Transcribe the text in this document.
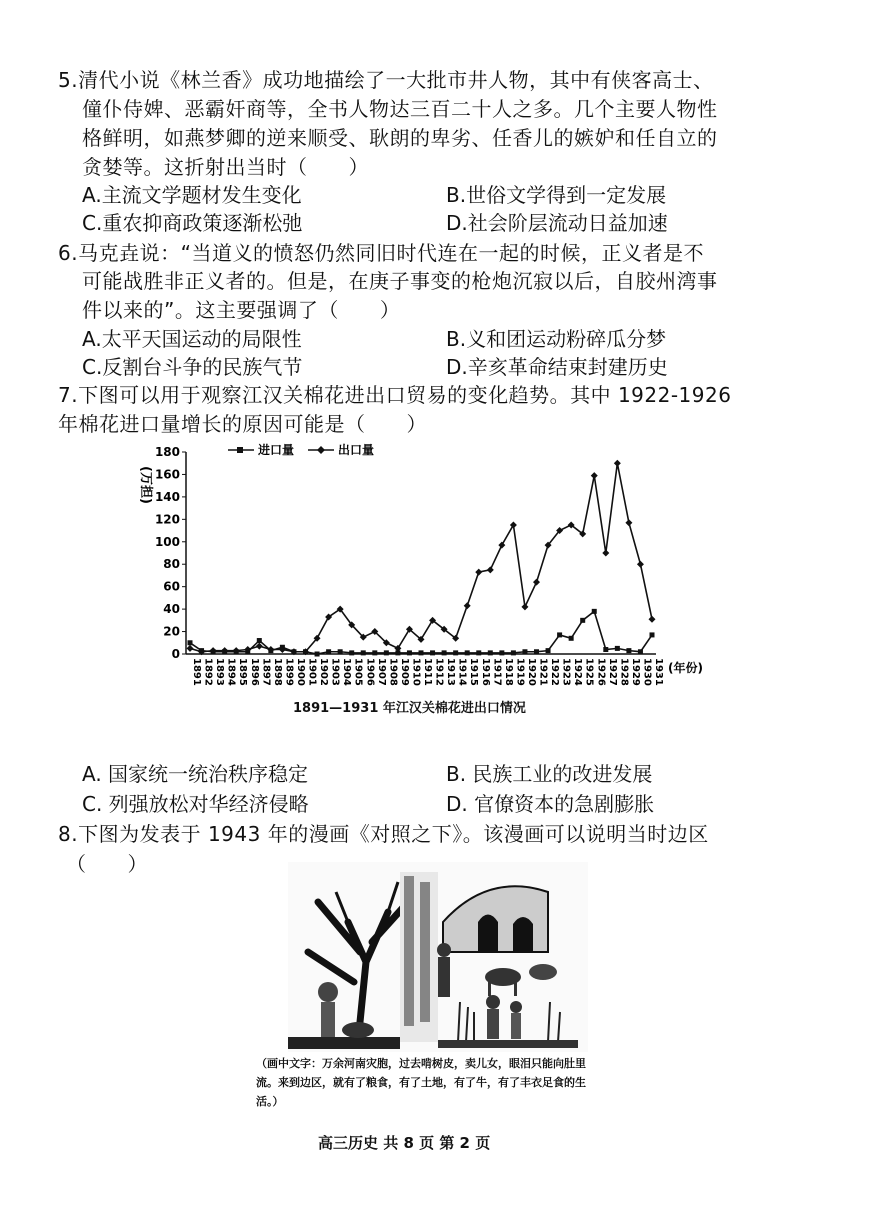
5.清代小说《林兰香》成功地描绘了一大批市井人物，其中有侠客高士、
僮仆侍婢、恶霸奸商等，全书人物达三百二十人之多。几个主要人物性
格鲜明，如燕梦卿的逆来顺受、耿朗的卑劣、任香儿的嫉妒和任自立的
贪婪等。这折射出当时（　　）
A.主流文学题材发生变化	B.世俗文学得到一定发展
C.重农抑商政策逐渐松弛	D.社会阶层流动日益加速
6.马克垚说：“当道义的愤怒仍然同旧时代连在一起的时候，正义者是不
可能战胜非正义者的。但是，在庚子事变的枪炮沉寂以后，自胶州湾事
件以来的”。这主要强调了（　　）
A.太平天国运动的局限性	B.义和团运动粉碎瓜分梦
C.反割台斗争的民族气节	D.辛亥革命结束封建历史
7.下图可以用于观察江汉关棉花进出口贸易的变化趋势。其中 1922-1926
年棉花进口量增长的原因可能是（　　）
进口量	出口量
(万担)
0
20
40
60
80
100
120
140
160
180
1891 1892 1893 1894 1895 1896 1897 1898 1899 1900 1901 1902 1903 1904 1905 1906 1907 1908 1909 1910 1911 1912 1913 1914 1915 1916 1917 1918 1919 1920 1921 1922 1923 1924 1925 1926 1927 1928 1929 1930 1931 (年份)
1891—1931 年江汉关棉花进出口情况
A. 国家统一统治秩序稳定	B. 民族工业的改进发展
C. 列强放松对华经济侵略	D. 官僚资本的急剧膨胀
8.下图为发表于 1943 年的漫画《对照之下》。该漫画可以说明当时边区
（　　）
（画中文字：万余河南灾胞，过去啃树皮，卖儿女，眼泪只能向肚里流。来到边区，就有了粮食，有了土地，有了牛，有了丰衣足食的生活。）
高三历史 共 8 页 第 2 页
